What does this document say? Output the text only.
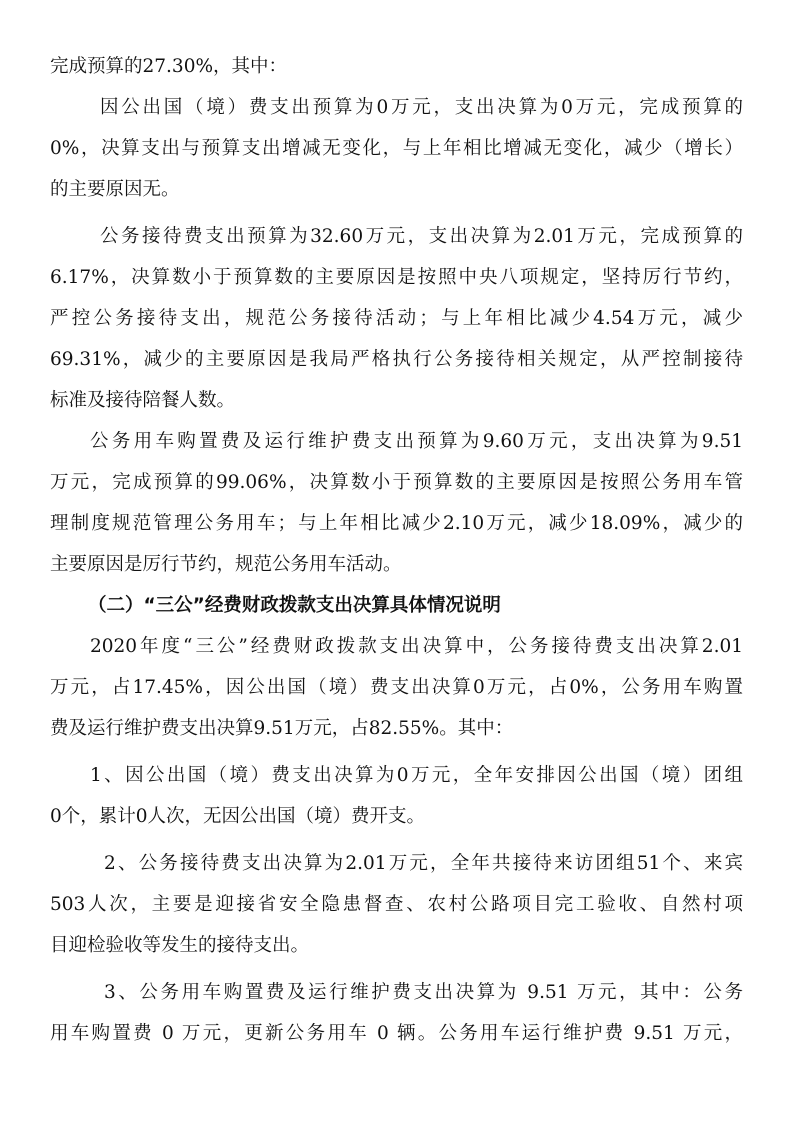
完成预算的27.30%，其中：
因公出国（境）费支出预算为0万元，支出决算为0万元，完成预算的
0%，决算支出与预算支出增减无变化，与上年相比增减无变化，减少（增长）
的主要原因无。
公务接待费支出预算为32.60万元，支出决算为2.01万元，完成预算的
6.17%，决算数小于预算数的主要原因是按照中央八项规定，坚持厉行节约，
严控公务接待支出，规范公务接待活动；与上年相比减少4.54万元，减少
69.31%，减少的主要原因是我局严格执行公务接待相关规定，从严控制接待
标准及接待陪餐人数。
公务用车购置费及运行维护费支出预算为9.60万元，支出决算为9.51
万元，完成预算的99.06%，决算数小于预算数的主要原因是按照公务用车管
理制度规范管理公务用车；与上年相比减少2.10万元，减少18.09%，减少的
主要原因是厉行节约，规范公务用车活动。
（二）“三公”经费财政拨款支出决算具体情况说明
2020年度“三公”经费财政拨款支出决算中，公务接待费支出决算2.01
万元，占17.45%，因公出国（境）费支出决算0万元，占0%，公务用车购置
费及运行维护费支出决算9.51万元，占82.55%。其中：
1、因公出国（境）费支出决算为0万元，全年安排因公出国（境）团组
0个，累计0人次，无因公出国（境）费开支。
2、公务接待费支出决算为2.01万元，全年共接待来访团组51个、来宾
503人次，主要是迎接省安全隐患督查、农村公路项目完工验收、自然村项
目迎检验收等发生的接待支出。
3、公务用车购置费及运行维护费支出决算为 9.51 万元，其中：公务
用车购置费 0 万元，更新公务用车 0 辆。公务用车运行维护费 9.51 万元，
